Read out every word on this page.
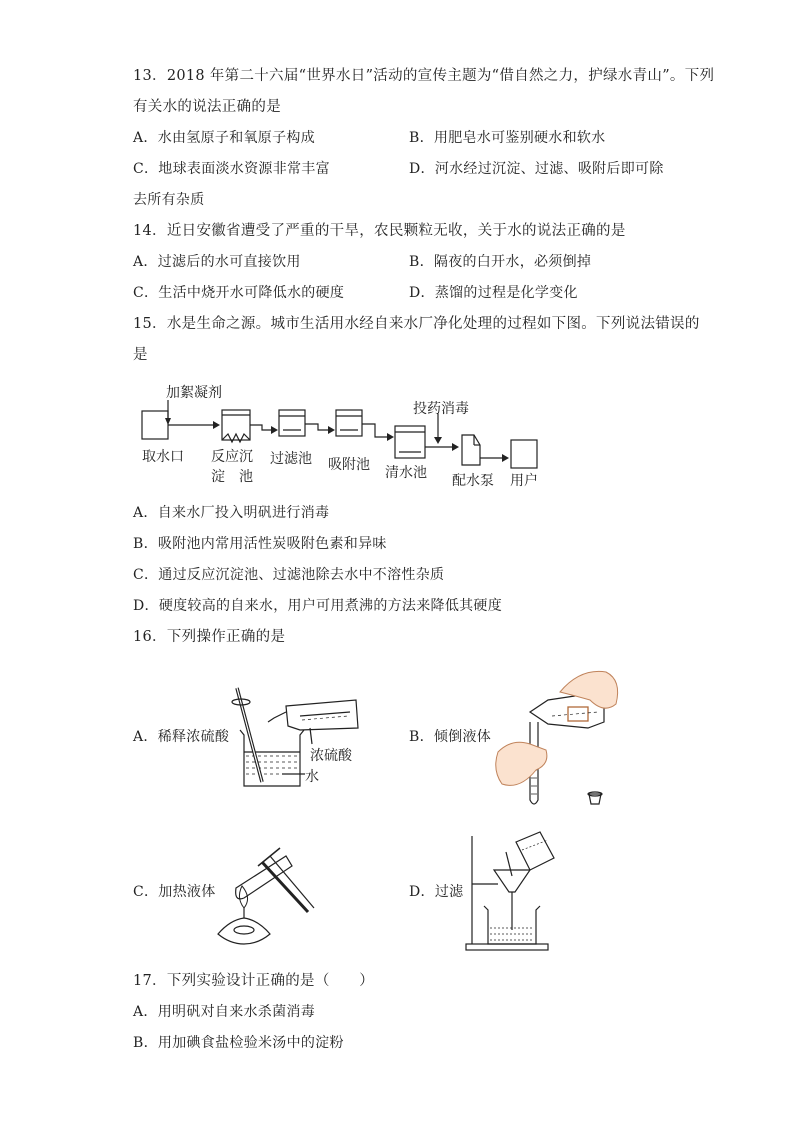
13．2018 年第二十六届“世界水日”活动的宣传主题为“借自然之力，护绿水青山”。下列
有关水的说法正确的是
A．水由氢原子和氧原子构成	B．用肥皂水可鉴别硬水和软水
C．地球表面淡水资源非常丰富	D．河水经过沉淀、过滤、吸附后即可除
去所有杂质
14．近日安徽省遭受了严重的干旱，农民颗粒无收，关于水的说法正确的是
A．过滤后的水可直接饮用	B．隔夜的白开水，必须倒掉
C．生活中烧开水可降低水的硬度	D．蒸馏的过程是化学变化
15．水是生命之源。城市生活用水经自来水厂净化处理的过程如下图。下列说法错误的
是
加絮凝剂
投药消毒
取水口 反应沉
淀　池
过滤池 吸附池 清水池 配水泵 用户
A．自来水厂投入明矾进行消毒
B．吸附池内常用活性炭吸附色素和异味
C．通过反应沉淀池、过滤池除去水中不溶性杂质
D．硬度较高的自来水，用户可用煮沸的方法来降低其硬度
16．下列操作正确的是
A．稀释浓硫酸	B．倾倒液体
C．加热液体	D．过滤
浓硫酸
水
17．下列实验设计正确的是（　　）
A．用明矾对自来水杀菌消毒
B．用加碘食盐检验米汤中的淀粉
